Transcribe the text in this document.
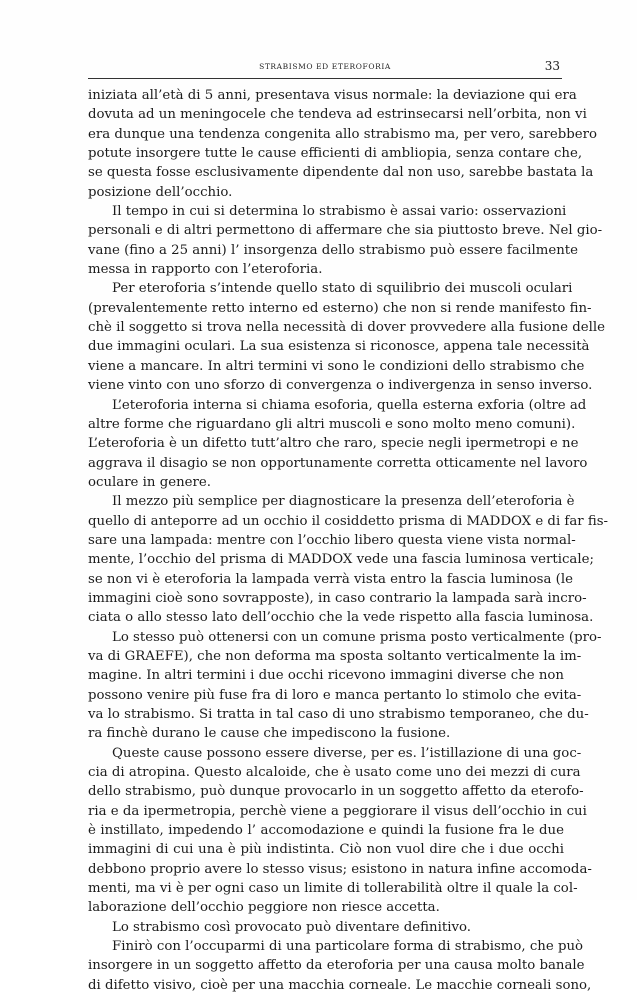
STRABISMO ED ETEROFORIA	33
iniziata all’età di 5 anni, presentava visus normale: la deviazione qui era
dovuta ad un meningocele che tendeva ad estrinsecarsi nell’orbita, non vi
era dunque una tendenza congenita allo strabismo ma, per vero, sarebbero
potute insorgere tutte le cause efficienti di ambliopia, senza contare che,
se questa fosse esclusivamente dipendente dal non uso, sarebbe bastata la
posizione dell’occhio.
Il tempo in cui si determina lo strabismo è assai vario: osservazioni
personali e di altri permettono di affermare che sia piuttosto breve. Nel gio-
vane (fino a 25 anni) l’ insorgenza dello strabismo può essere facilmente
messa in rapporto con l’eteroforia.
Per eteroforia s’intende quello stato di squilibrio dei muscoli oculari
(prevalentemente retto interno ed esterno) che non si rende manifesto fin-
chè il soggetto si trova nella necessità di dover provvedere alla fusione delle
due immagini oculari. La sua esistenza si riconosce, appena tale necessità
viene a mancare. In altri termini vi sono le condizioni dello strabismo che
viene vinto con uno sforzo di convergenza o indivergenza in senso inverso.
L’eteroforia interna si chiama esoforia, quella esterna exforia (oltre ad
altre forme che riguardano gli altri muscoli e sono molto meno comuni).
L’eteroforia è un difetto tutt’altro che raro, specie negli ipermetropi e ne
aggrava il disagio se non opportunamente corretta otticamente nel lavoro
oculare in genere.
Il mezzo più semplice per diagnosticare la presenza dell’eteroforia è
quello di anteporre ad un occhio il cosiddetto prisma di MADDOX e di far fis-
sare una lampada: mentre con l’occhio libero questa viene vista normal-
mente, l’occhio del prisma di MADDOX vede una fascia luminosa verticale;
se non vi è eteroforia la lampada verrà vista entro la fascia luminosa (le
immagini cioè sono sovrapposte), in caso contrario la lampada sarà incro-
ciata o allo stesso lato dell’occhio che la vede rispetto alla fascia luminosa.
Lo stesso può ottenersi con un comune prisma posto verticalmente (pro-
va di GRAEFE), che non deforma ma sposta soltanto verticalmente la im-
magine. In altri termini i due occhi ricevono immagini diverse che non
possono venire più fuse fra di loro e manca pertanto lo stimolo che evita-
va lo strabismo. Si tratta in tal caso di uno strabismo temporaneo, che du-
ra finchè durano le cause che impediscono la fusione.
Queste cause possono essere diverse, per es. l’istillazione di una goc-
cia di atropina. Questo alcaloide, che è usato come uno dei mezzi di cura
dello strabismo, può dunque provocarlo in un soggetto affetto da eterofo-
ria e da ipermetropia, perchè viene a peggiorare il visus dell’occhio in cui
è instillato, impedendo l’ accomodazione e quindi la fusione fra le due
immagini di cui una è più indistinta. Ciò non vuol dire che i due occhi
debbono proprio avere lo stesso visus; esistono in natura infine accomoda-
menti, ma vi è per ogni caso un limite di tollerabilità oltre il quale la col-
laborazione dell’occhio peggiore non riesce accetta.
Lo strabismo così provocato può diventare definitivo.
Finirò con l’occuparmi di una particolare forma di strabismo, che può
insorgere in un soggetto affetto da eteroforia per una causa molto banale
di difetto visivo, cioè per una macchia corneale. Le macchie corneali sono,
